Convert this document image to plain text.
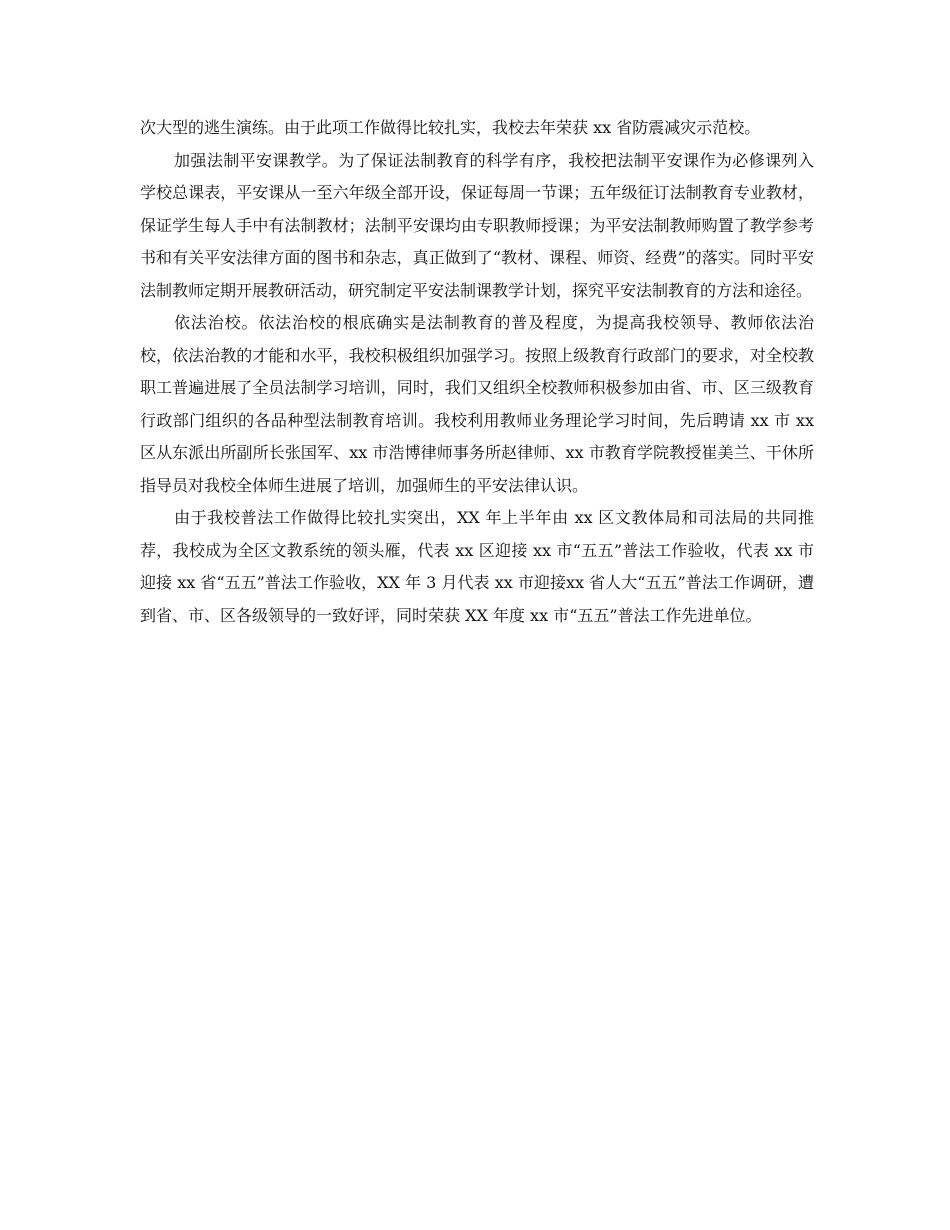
次大型的逃生演练。由于此项工作做得比较扎实，我校去年荣获 xx 省防震减灾示范校。

加强法制平安课教学。为了保证法制教育的科学有序，我校把法制平安课作为必修课列入学校总课表，平安课从一至六年级全部开设，保证每周一节课；五年级征订法制教育专业教材，保证学生每人手中有法制教材；法制平安课均由专职教师授课；为平安法制教师购置了教学参考书和有关平安法律方面的图书和杂志，真正做到了“教材、课程、师资、经费”的落实。同时平安法制教师定期开展教研活动，研究制定平安法制课教学计划，探究平安法制教育的方法和途径。

依法治校。依法治校的根底确实是法制教育的普及程度，为提高我校领导、教师依法治校，依法治教的才能和水平，我校积极组织加强学习。按照上级教育行政部门的要求，对全校教职工普遍进展了全员法制学习培训，同时，我们又组织全校教师积极参加由省、市、区三级教育行政部门组织的各品种型法制教育培训。我校利用教师业务理论学习时间，先后聘请 xx 市 xx 区从东派出所副所长张国军、xx 市浩博律师事务所赵律师、xx 市教育学院教授崔美兰、干休所指导员对我校全体师生进展了培训，加强师生的平安法律认识。

由于我校普法工作做得比较扎实突出，XX 年上半年由 xx 区文教体局和司法局的共同推荐，我校成为全区文教系统的领头雁，代表 xx 区迎接 xx 市“五五”普法工作验收，代表 xx 市迎接 xx 省“五五”普法工作验收，XX 年 3 月代表 xx 市迎接xx 省人大“五五”普法工作调研，遭到省、市、区各级领导的一致好评，同时荣获 XX 年度 xx 市“五五”普法工作先进单位。
